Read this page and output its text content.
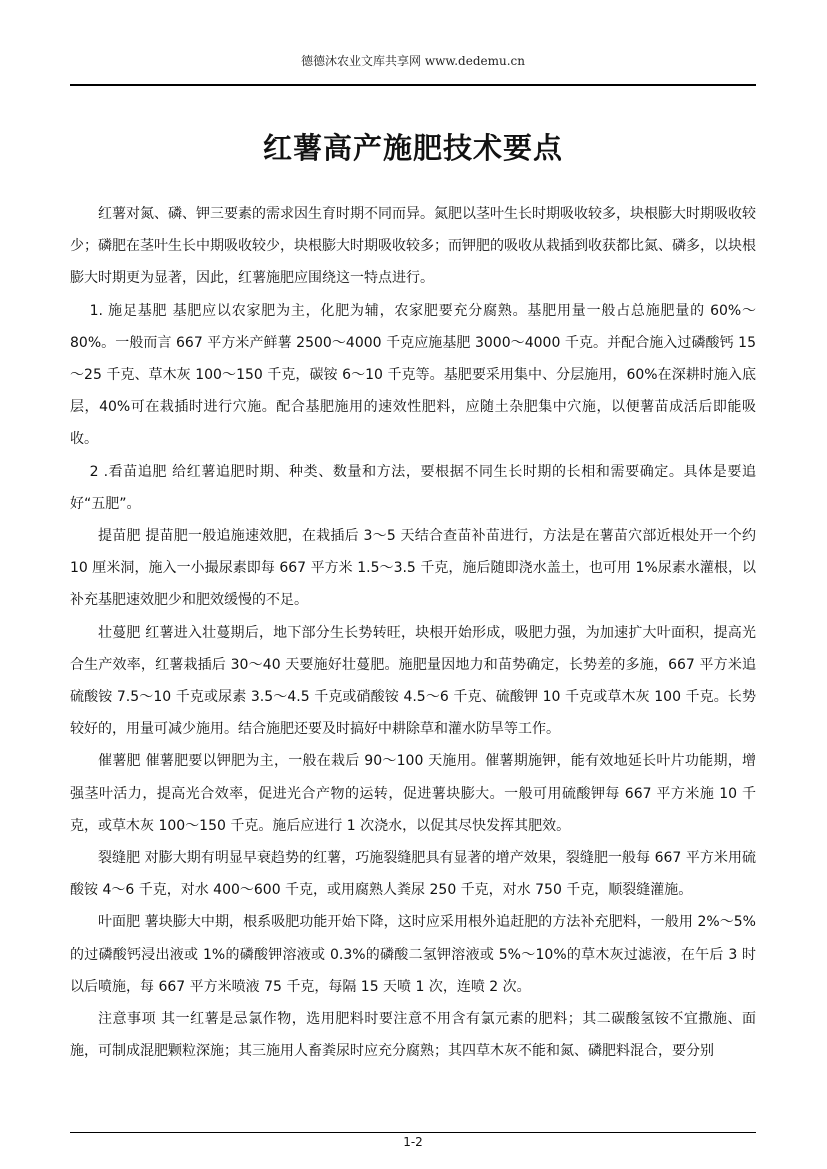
德德沐农业文库共享网 www.dedemu.cn
红薯高产施肥技术要点

红薯对氮、磷、钾三要素的需求因生育时期不同而异。氮肥以茎叶生长时期吸收较多，块根膨大时期吸收较少；磷肥在茎叶生长中期吸收较少，块根膨大时期吸收较多；而钾肥的吸收从栽插到收获都比氮、磷多，以块根膨大时期更为显著，因此，红薯施肥应围绕这一特点进行。

1. 施足基肥 基肥应以农家肥为主，化肥为辅，农家肥要充分腐熟。基肥用量一般占总施肥量的 60%～80%。一般而言 667 平方米产鲜薯 2500～4000 千克应施基肥 3000～4000 千克。并配合施入过磷酸钙 15～25 千克、草木灰 100～150 千克，碳铵 6～10 千克等。基肥要采用集中、分层施用，60%在深耕时施入底层，40%可在栽插时进行穴施。配合基肥施用的速效性肥料，应随土杂肥集中穴施，以便薯苗成活后即能吸收。

2 .看苗追肥 给红薯追肥时期、种类、数量和方法，要根据不同生长时期的长相和需要确定。具体是要追好“五肥”。

提苗肥 提苗肥一般追施速效肥，在栽插后 3～5 天结合查苗补苗进行，方法是在薯苗穴部近根处开一个约 10 厘米洞，施入一小撮尿素即每 667 平方米 1.5～3.5 千克，施后随即浇水盖土，也可用 1%尿素水灌根，以补充基肥速效肥少和肥效缓慢的不足。

壮蔓肥 红薯进入壮蔓期后，地下部分生长势转旺，块根开始形成，吸肥力强，为加速扩大叶面积，提高光合生产效率，红薯栽插后 30～40 天要施好壮蔓肥。施肥量因地力和苗势确定，长势差的多施，667 平方米追硫酸铵 7.5～10 千克或尿素 3.5～4.5 千克或硝酸铵 4.5～6 千克、硫酸钾 10 千克或草木灰 100 千克。长势较好的，用量可减少施用。结合施肥还要及时搞好中耕除草和灌水防旱等工作。

催薯肥 催薯肥要以钾肥为主，一般在栽后 90～100 天施用。催薯期施钾，能有效地延长叶片功能期，增强茎叶活力，提高光合效率，促进光合产物的运转，促进薯块膨大。一般可用硫酸钾每 667 平方米施 10 千克，或草木灰 100～150 千克。施后应进行 1 次浇水，以促其尽快发挥其肥效。

裂缝肥 对膨大期有明显早衰趋势的红薯，巧施裂缝肥具有显著的增产效果，裂缝肥一般每 667 平方米用硫酸铵 4～6 千克，对水 400～600 千克，或用腐熟人粪尿 250 千克，对水 750 千克，顺裂缝灌施。

叶面肥 薯块膨大中期，根系吸肥功能开始下降，这时应采用根外追赶肥的方法补充肥料，一般用 2%～5%的过磷酸钙浸出液或 1%的磷酸钾溶液或 0.3%的磷酸二氢钾溶液或 5%～10%的草木灰过滤液，在午后 3 时以后喷施，每 667 平方米喷液 75 千克，每隔 15 天喷 1 次，连喷 2 次。

注意事项 其一红薯是忌氯作物，选用肥料时要注意不用含有氯元素的肥料；其二碳酸氢铵不宜撒施、面施，可制成混肥颗粒深施；其三施用人畜粪尿时应充分腐熟；其四草木灰不能和氮、磷肥料混合，要分别

1-2
